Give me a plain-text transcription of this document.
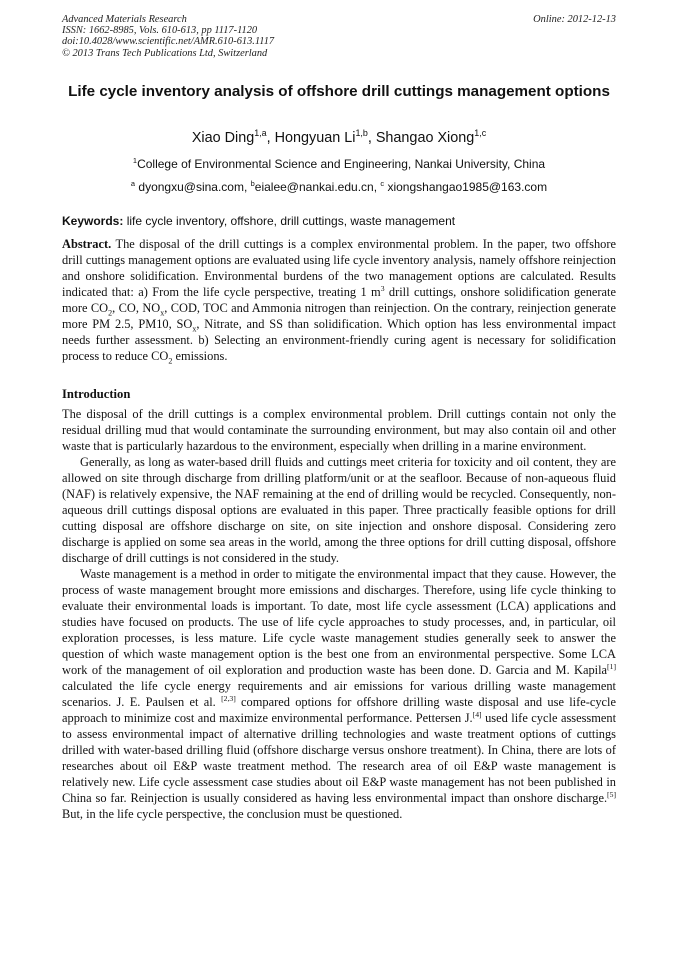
Advanced Materials Research
ISSN: 1662-8985, Vols. 610-613, pp 1117-1120
doi:10.4028/www.scientific.net/AMR.610-613.1117
© 2013 Trans Tech Publications Ltd, Switzerland
Online: 2012-12-13
Life cycle inventory analysis of offshore drill cuttings management options
Xiao Ding$^{1,a}$, Hongyuan Li$^{1,b}$, Shangao Xiong$^{1,c}$
$^1$College of Environmental Science and Engineering, Nankai University, China
$^a$ dyongxu@sina.com, $^b$eialee@nankai.edu.cn, $^c$ xiongshangao1985@163.com
Keywords: life cycle inventory, offshore, drill cuttings, waste management
Abstract. The disposal of the drill cuttings is a complex environmental problem. In the paper, two offshore drill cuttings management options are evaluated using life cycle inventory analysis, namely offshore reinjection and onshore solidification. Environmental burdens of the two management options are calculated. Results indicated that: a) From the life cycle perspective, treating 1 $m^3$ drill cuttings, onshore solidification generate more $CO_2$, CO, $NO_x$, COD, TOC and Ammonia nitrogen than reinjection. On the contrary, reinjection generate more PM 2.5, PM10, $SO_x$, Nitrate, and SS than solidification. Which option has less environmental impact needs further assessment. b) Selecting an environment-friendly curing agent is necessary for solidification process to reduce $CO_2$ emissions.
Introduction

The disposal of the drill cuttings is a complex environmental problem. Drill cuttings contain not only the residual drilling mud that would contaminate the surrounding environment, but may also contain oil and other waste that is particularly hazardous to the environment, especially when drilling in a marine environment.

Generally, as long as water-based drill fluids and cuttings meet criteria for toxicity and oil content, they are allowed on site through discharge from drilling platform/unit or at the seafloor. Because of non-aqueous fluid (NAF) is relatively expensive, the NAF remaining at the end of drilling would be recycled. Consequently, non-aqueous drill cuttings disposal options are evaluated in this paper. Three practically feasible options for drill cutting disposal are offshore discharge on site, on site injection and onshore disposal. Considering zero discharge is applied on some sea areas in the world, among the three options for drill cutting disposal, offshore discharge of drill cuttings is not considered in the study.

Waste management is a method in order to mitigate the environmental impact that they cause. However, the process of waste management brought more emissions and discharges. Therefore, using life cycle thinking to evaluate their environmental loads is important. To date, most life cycle assessment (LCA) applications and studies have focused on products. The use of life cycle approaches to study processes, and, in particular, oil exploration processes, is less mature. Life cycle waste management studies generally seek to answer the question of which waste management option is the best one from an environmental perspective. Some LCA work of the management of oil exploration and production waste has been done. D. Garcia and M. Kapila[1] calculated the life cycle energy requirements and air emissions for various drilling waste management scenarios. J. E. Paulsen et al. [2,3] compared options for offshore drilling waste disposal and use life-cycle approach to minimize cost and maximize environmental performance. Pettersen J.[4] used life cycle assessment to assess environmental impact of alternative drilling technologies and waste treatment options of cuttings drilled with water-based drilling fluid (offshore discharge versus onshore treatment). In China, there are lots of researches about oil E&P waste treatment method. The research area of oil E&P waste management is relatively new. Life cycle assessment case studies about oil E&P waste management has not been published in China so far. Reinjection is usually considered as having less environmental impact than onshore discharge.[5] But, in the life cycle perspective, the conclusion must be questioned.
